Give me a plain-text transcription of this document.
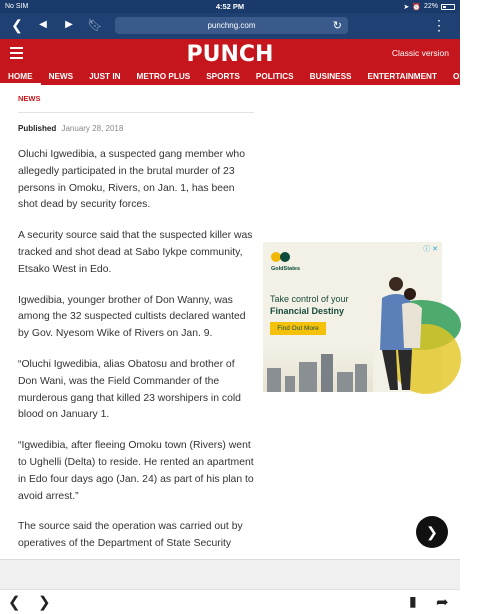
No SIM	4:52 PM	➤ ⏰ 22%
❮	◀	▶	🔖︎	punchng.com	↻	⋮
PUNCH	Classic version
HOME	NEWS	JUST IN	METRO PLUS	SPORTS	POLITICS	BUSINESS	ENTERTAINMENT	OPIN
NEWS
Published January 28, 2018

Oluchi Igwedibia, a suspected gang member who allegedly participated in the brutal murder of 23 persons in Omoku, Rivers, on Jan. 1, has been shot dead by security forces.

A security source said that the suspected killer was tracked and shot dead at Sabo Iykpe community, Etsako West in Edo.

Igwedibia, younger brother of Don Wanny, was among the 32 suspected cultists declared wanted by Gov. Nyesom Wike of Rivers on Jan. 9.

“Oluchi Igwedibia, alias Obatosu and brother of Don Wani, was the Field Commander of the murderous gang that killed 23 worshipers in cold blood on January 1.

“Igwedibia, after fleeing Omoku town (Rivers) went to Ughelli (Delta) to reside. He rented an apartment in Edo four days ago (Jan. 24) as part of his plan to avoid arrest.”

The source said the operation was carried out by operatives of the Department of State Security

GoldStates
ⓘ ✕
Take control of your
Financial Destiny
Find Out More
❯
❮ ❯	▮ ➦
